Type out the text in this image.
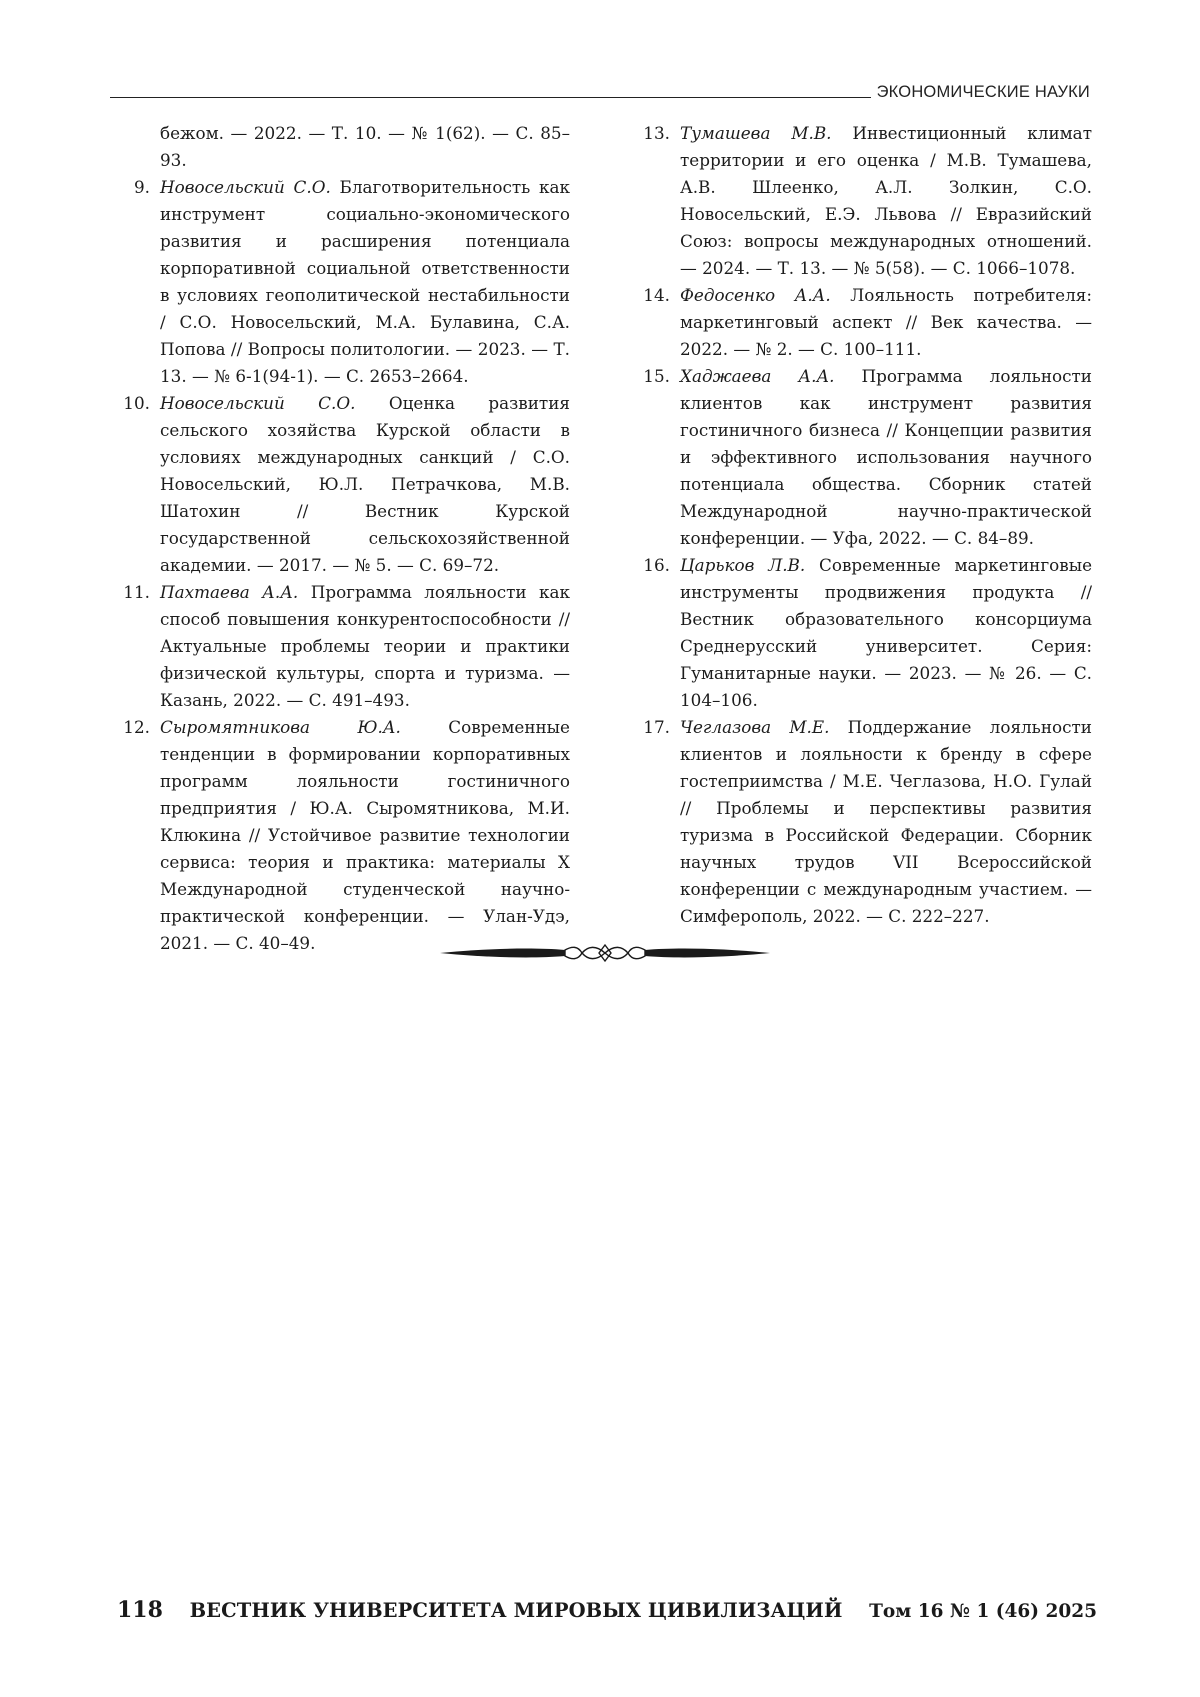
ЭКОНОМИЧЕСКИЕ НАУКИ

бежом. — 2022. — Т. 10. — № 1(62). — С. 85–93.

9. Новосельский С.О. Благотворительность как инструмент социально-экономического развития и расширения потенциала корпоративной социальной ответственности в условиях геополитической нестабильности / С.О. Новосельский, М.А. Булавина, С.А. Попова // Вопросы политологии. — 2023. — Т. 13. — № 6-1(94-1). — С. 2653–2664.

10. Новосельский С.О. Оценка развития сельского хозяйства Курской области в условиях международных санкций / С.О. Новосельский, Ю.Л. Петрачкова, М.В. Шатохин // Вестник Курской государственной сельскохозяйственной академии. — 2017. — № 5. — С. 69–72.

11. Пахтаева А.А. Программа лояльности как способ повышения конкурентоспособности // Актуальные проблемы теории и практики физической культуры, спорта и туризма. — Казань, 2022. — С. 491–493.

12. Сыромятникова Ю.А.	Современные тенденции в формировании корпоративных программ лояльности гостиничного предприятия / Ю.А. Сыромятникова, М.И. Клюкина // Устойчивое развитие технологии сервиса: теория и практика: материалы X Международной студенческой научно-практической конференции. — Улан-Удэ, 2021. — С. 40–49.

13. Тумашева М.В. Инвестиционный климат территории и его оценка / М.В. Тумашева, А.В. Шлеенко, А.Л. Золкин, С.О. Новосельский, Е.Э. Львова // Евразийский Союз: вопросы международных отношений. — 2024. — Т. 13. — № 5(58). — С. 1066–1078.

14. Федосенко А.А. Лояльность потребителя: маркетинговый аспект // Век качества. — 2022. — № 2. — С. 100–111.

15. Хаджаева А.А. Программа лояльности клиентов как инструмент развития гостиничного бизнеса // Концепции развития и эффективного использования научного потенциала общества. Сборник статей Международной научно-практической конференции. — Уфа, 2022. — С. 84–89.

16. Царьков Л.В. Современные маркетинговые инструменты продвижения продукта // Вестник образовательного консорциума Среднерусский университет. Серия: Гуманитарные науки. — 2023. — № 26. — С. 104–106.

17. Чеглазова М.Е. Поддержание лояльности клиентов и лояльности к бренду в сфере гостеприимства / М.Е. Чеглазова, Н.О. Гулай // Проблемы и перспективы развития туризма в Российской Федерации. Сборник научных трудов VII Всероссийской конференции с международным участием. — Симферополь, 2022. — С. 222–227.

118 ВЕСТНИК УНИВЕРСИТЕТА МИРОВЫХ ЦИВИЛИЗАЦИЙ Том 16 № 1 (46) 2025
